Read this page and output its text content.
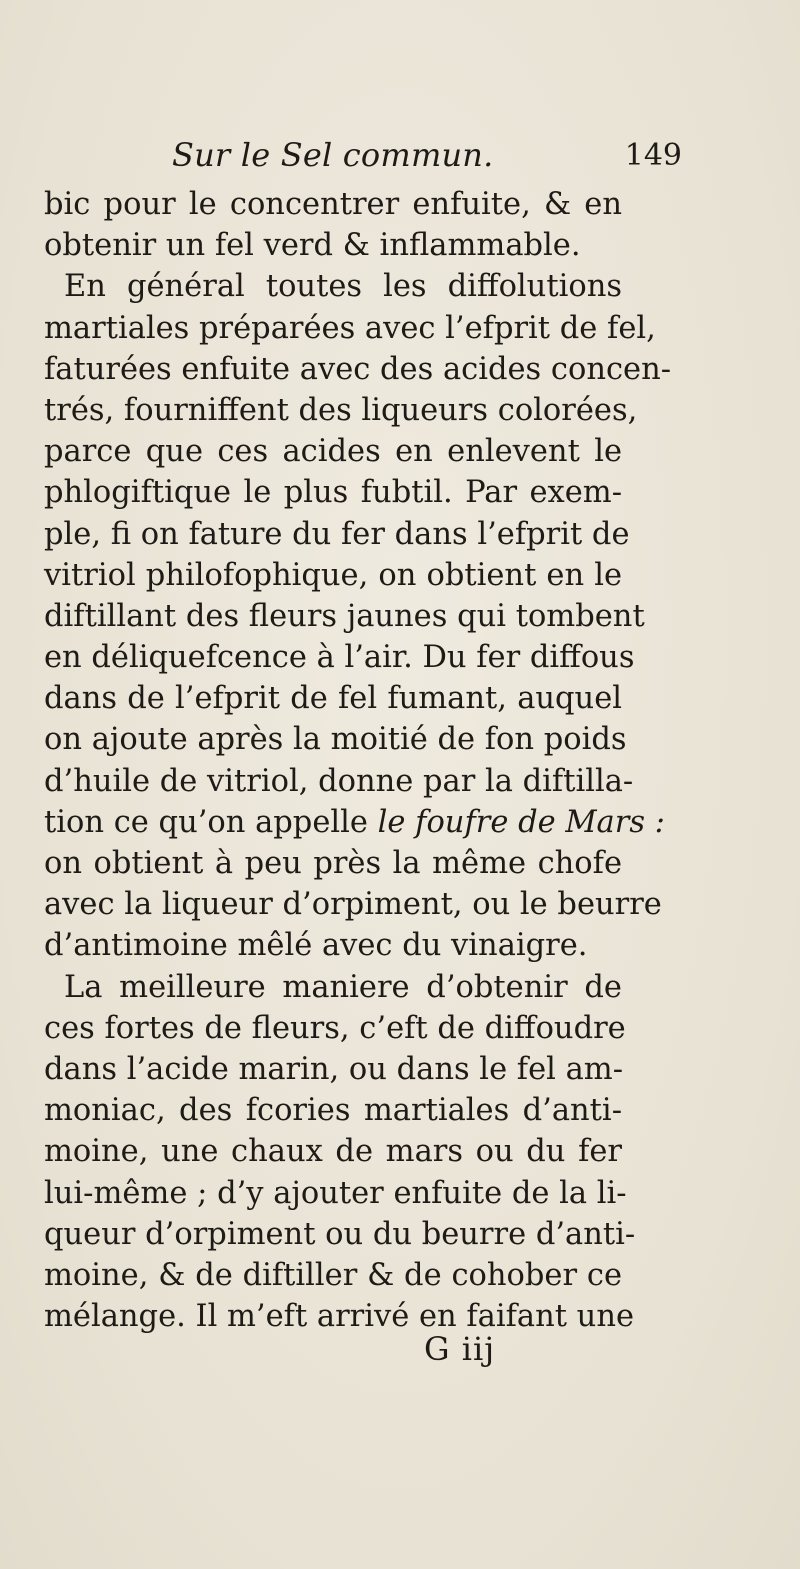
Sur le Sel commun.	149
bic pour le concentrer enfuite, & en
obtenir un fel verd & inflammable.
En général toutes les diffolutions
martiales préparées avec l’efprit de fel,
faturées enfuite avec des acides concen-
trés, fourniffent des liqueurs colorées,
parce que ces acides en enlevent le
phlogiftique le plus fubtil. Par exem-
ple, fi on fature du fer dans l’efprit de
vitriol philofophique, on obtient en le
diftillant des fleurs jaunes qui tombent
en déliquefcence à l’air. Du fer diffous
dans de l’efprit de fel fumant, auquel
on ajoute après la moitié de fon poids
d’huile de vitriol, donne par la diftilla-
tion ce qu’on appelle le foufre de Mars :
on obtient à peu près la même chofe
avec la liqueur d’orpiment, ou le beurre
d’antimoine mêlé avec du vinaigre.
La meilleure maniere d’obtenir de
ces fortes de fleurs, c’eft de diffoudre
dans l’acide marin, ou dans le fel am-
moniac, des fcories martiales d’anti-
moine, une chaux de mars ou du fer
lui-même ; d’y ajouter enfuite de la li-
queur d’orpiment ou du beurre d’anti-
moine, & de diftiller & de cohober ce
mélange. Il m’eft arrivé en faifant une
G iij
